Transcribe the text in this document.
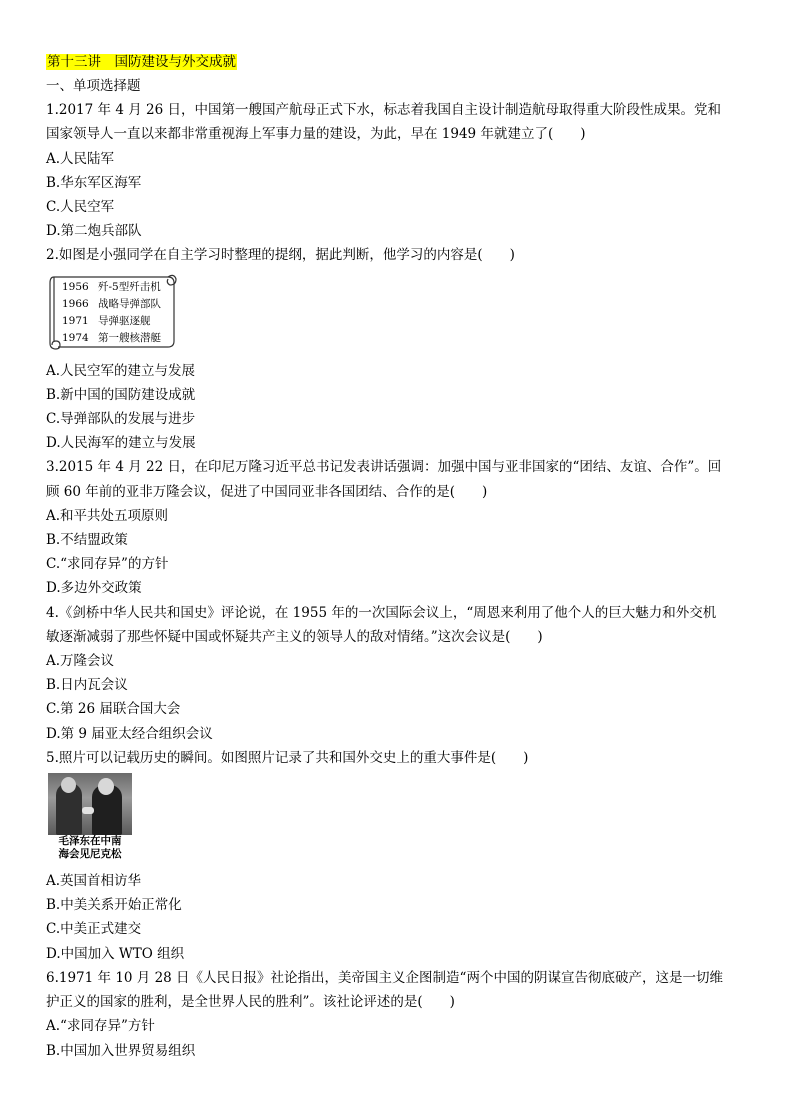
第十三讲　国防建设与外交成就
一、单项选择题
1.2017 年 4 月 26 日，中国第一艘国产航母正式下水，标志着我国自主设计制造航母取得重大阶段性成果。党和
国家领导人一直以来都非常重视海上军事力量的建设，为此，早在 1949 年就建立了(　　)
A.人民陆军
B.华东军区海军
C.人民空军
D.第二炮兵部队
2.如图是小强同学在自主学习时整理的提纲，据此判断，他学习的内容是(　　)
1956 歼-5型歼击机
1966 战略导弹部队
1971 导弹驱逐舰
1974 第一艘核潜艇
A.人民空军的建立与发展
B.新中国的国防建设成就
C.导弹部队的发展与进步
D.人民海军的建立与发展
3.2015 年 4 月 22 日，在印尼万隆习近平总书记发表讲话强调：加强中国与亚非国家的“团结、友谊、合作”。回
顾 60 年前的亚非万隆会议，促进了中国同亚非各国团结、合作的是(　　)
A.和平共处五项原则
B.不结盟政策
C.“求同存异”的方针
D.多边外交政策
4.《剑桥中华人民共和国史》评论说，在 1955 年的一次国际会议上，“周恩来利用了他个人的巨大魅力和外交机
敏逐渐减弱了那些怀疑中国或怀疑共产主义的领导人的敌对情绪。”这次会议是(　　)
A.万隆会议
B.日内瓦会议
C.第 26 届联合国大会
D.第 9 届亚太经合组织会议
5.照片可以记载历史的瞬间。如图照片记录了共和国外交史上的重大事件是(　　)
毛泽东在中南
海会见尼克松
A.英国首相访华
B.中美关系开始正常化
C.中美正式建交
D.中国加入 WTO 组织
6.1971 年 10 月 28 日《人民日报》社论指出，美帝国主义企图制造“两个中国的阴谋宣告彻底破产，这是一切维
护正义的国家的胜利，是全世界人民的胜利”。该社论评述的是(　　)
A.“求同存异”方针
B.中国加入世界贸易组织
